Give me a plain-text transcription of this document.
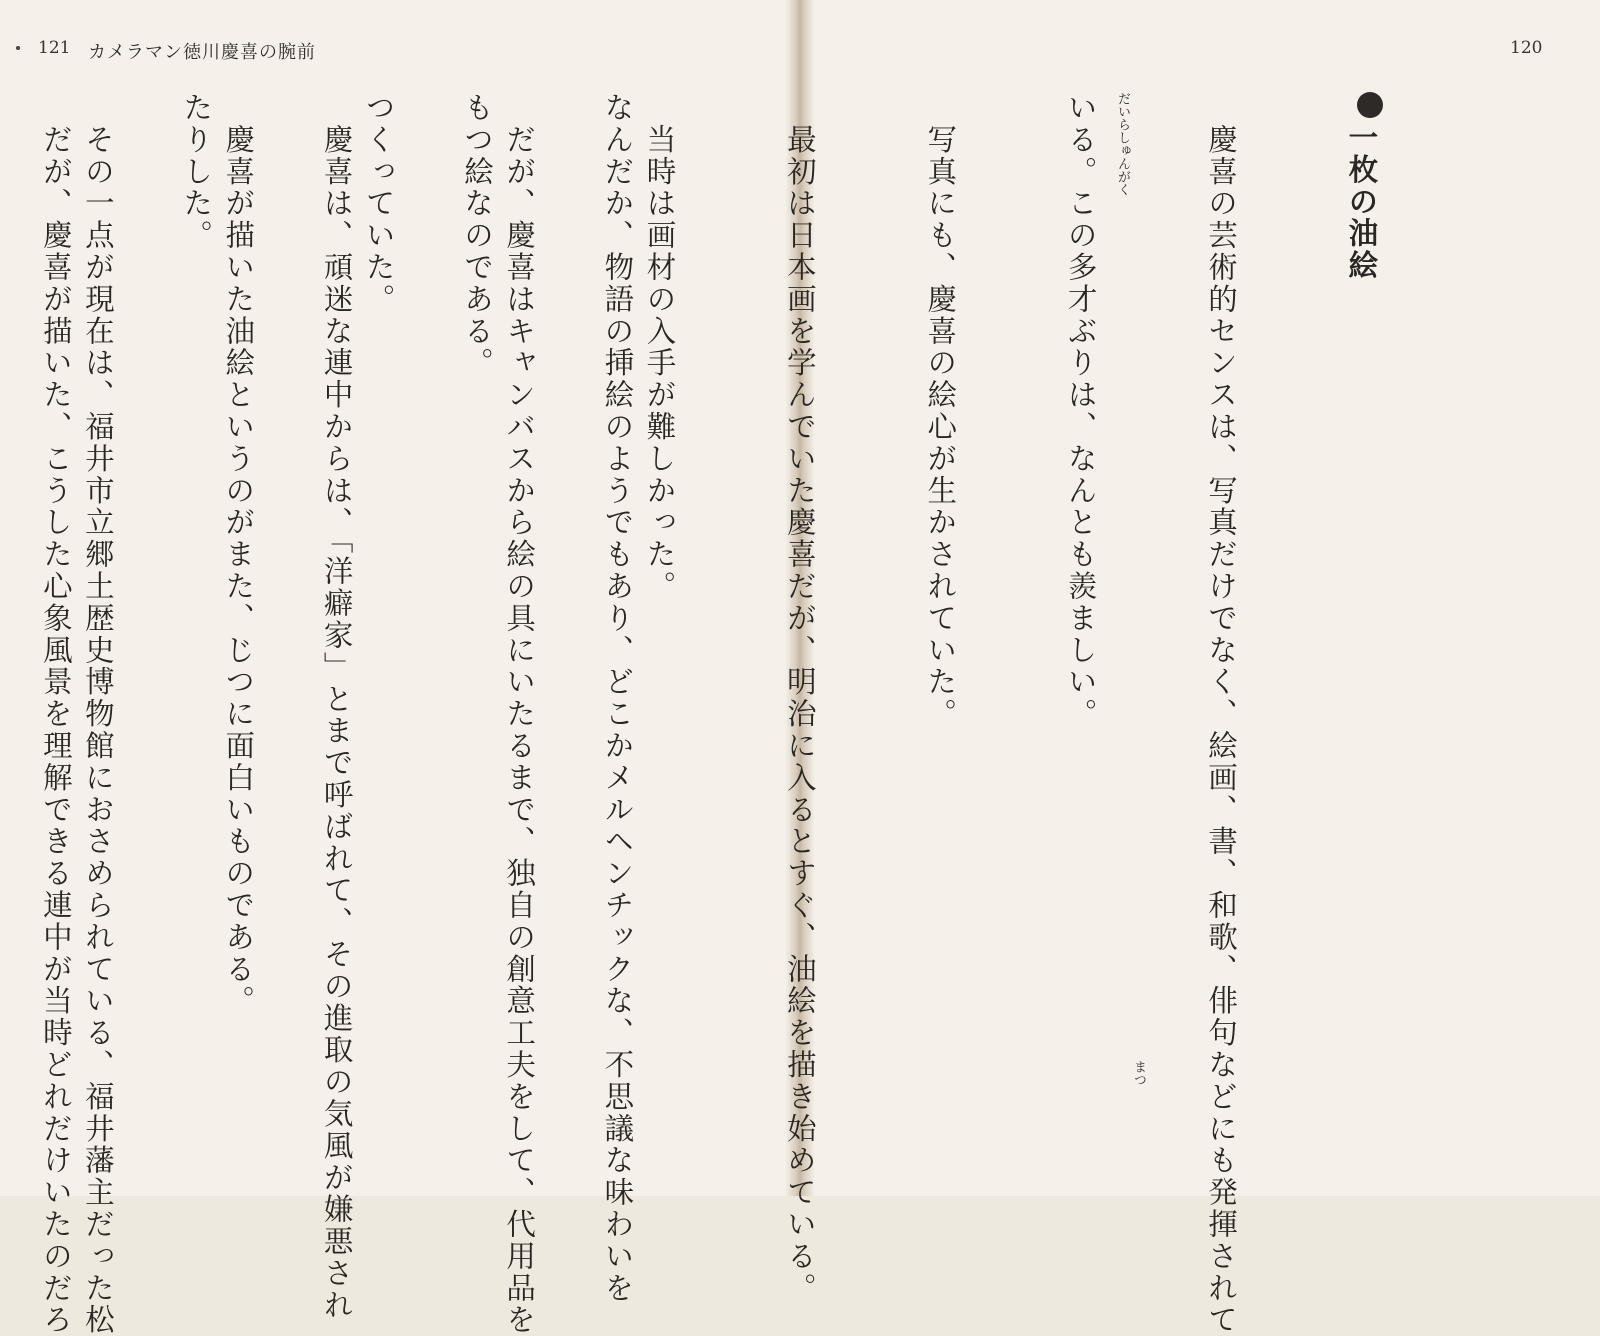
121 カメラマン徳川慶喜の腕前	120

一枚の油絵

　慶喜の芸術的センスは、写真だけでなく、絵画、書、和歌、俳句などにも発揮されて

いる。この多才ぶりは、なんとも羨ましい。

　写真にも、慶喜の絵心が生かされていた。

　最初は日本画を学んでいた慶喜だが、明治に入るとすぐ、油絵を描き始めている。

　当時は画材の入手が難しかった。

　だが、慶喜はキャンバスから絵の具にいたるまで、独自の創意工夫をして、代用品を

つくっていた。

　慶喜が描いた油絵というのがまた、じつに面白いものである。

　その一点が現在は、福井市立郷土歴史博物館におさめられている、福井藩主だった松

	だいらしゅんがく
まつ

なんだか、物語の挿絵のようでもあり、どこかメルヘンチックな、不思議な味わいを

もつ絵なのである。

　慶喜は、頑迷な連中からは、「洋癖家」とまで呼ばれて、その進取の気風が嫌悪され

たりした。

　だが、慶喜が描いた、こうした心象風景を理解できる連中が当時どれだけいたのだろ
